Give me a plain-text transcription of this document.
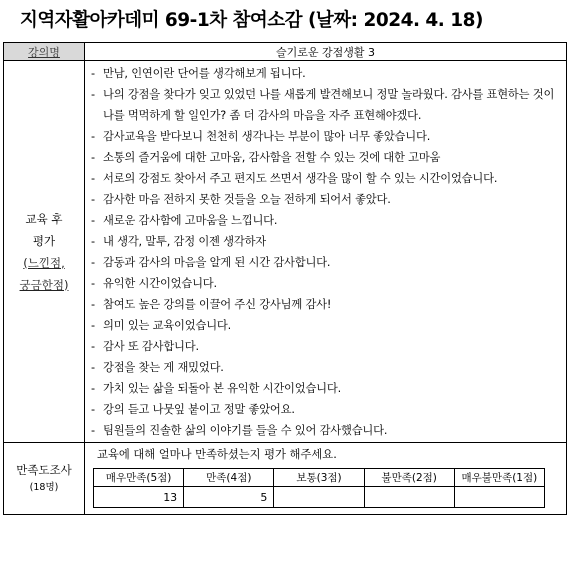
지역자활아카데미 69-1차 참여소감 (날짜: 2024. 4. 18)
강의명	슬기로운 강점생활 3

교육 후
평가
(느낀점,
궁금한점)

- 만남, 인연이란 단어를 생각해보게 됩니다.
- 나의 강점을 찾다가 잊고 있었던 나를 새롭게 발견해보니 정말 놀라웠다. 감사를 표현하는 것이 나를 먹먹하게 할 일인가? 좀 더 감사의 마음을 자주 표현해야겠다.
- 감사교육을 받다보니 천천히 생각나는 부분이 많아 너무 좋았습니다.
- 소통의 즐거움에 대한 고마움, 감사함을 전할 수 있는 것에 대한 고마움
- 서로의 강점도 찾아서 주고 편지도 쓰면서 생각을 많이 할 수 있는 시간이었습니다.
- 감사한 마음 전하지 못한 것들을 오늘 전하게 되어서 좋았다.
- 새로운 감사함에 고마움을 느낍니다.
- 내 생각, 말투, 감정 이젠 생각하자
- 감동과 감사의 마음을 알게 된 시간 감사합니다.
- 유익한 시간이었습니다.
- 참여도 높은 강의를 이끌어 주신 강사님께 감사!
- 의미 있는 교육이었습니다.
- 감사 또 감사합니다.
- 강점을 찾는 게 재밌었다.
- 가치 있는 삶을 되돌아 본 유익한 시간이었습니다.
- 강의 듣고 나뭇잎 붙이고 정말 좋았어요.
- 팀원들의 진솔한 삶의 이야기를 들을 수 있어 감사했습니다.

만족도조사
(18명)

교육에 대해 얼마나 만족하셨는지 평가 해주세요.
매우만족(5점)	만족(4점)	보통(3점)	불만족(2점)	매우불만족(1점)
13	5			
